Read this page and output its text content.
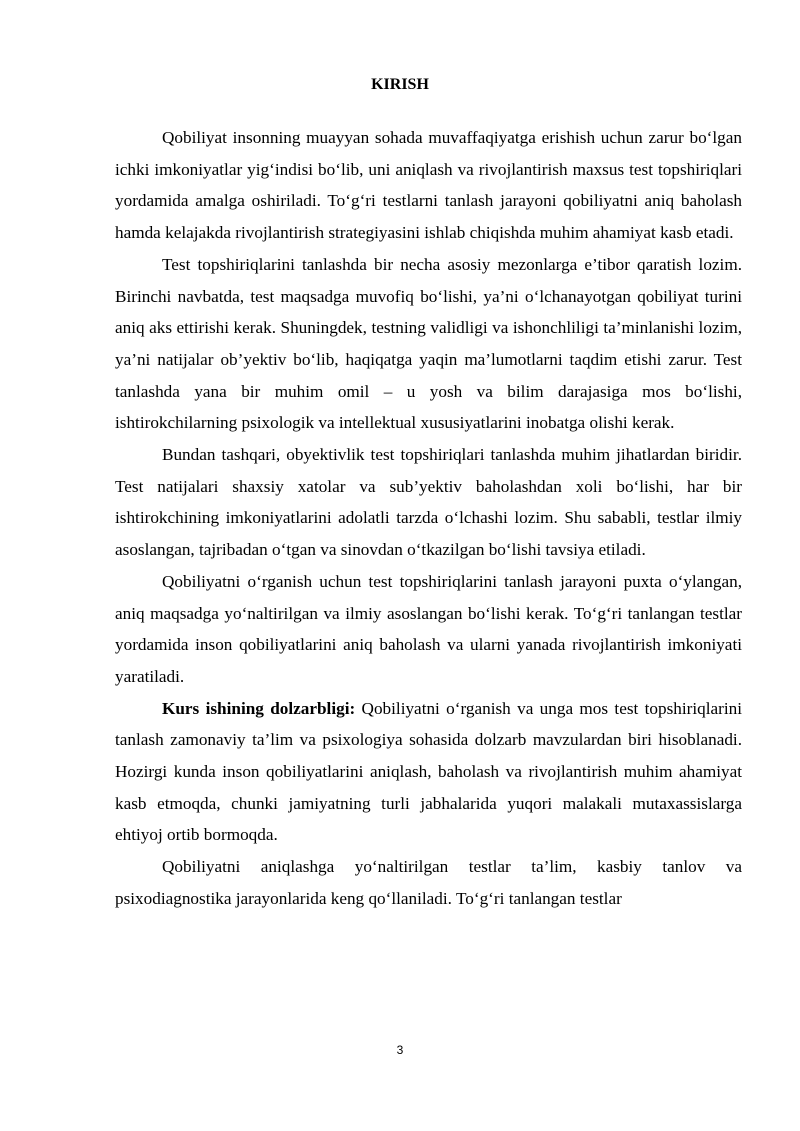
KIRISH

Qobiliyat insonning muayyan sohada muvaffaqiyatga erishish uchun zarur bo‘lgan ichki imkoniyatlar yig‘indisi bo‘lib, uni aniqlash va rivojlantirish maxsus test topshiriqlari yordamida amalga oshiriladi. To‘g‘ri testlarni tanlash jarayoni qobiliyatni aniq baholash hamda kelajakda rivojlantirish strategiyasini ishlab chiqishda muhim ahamiyat kasb etadi.

Test topshiriqlarini tanlashda bir necha asosiy mezonlarga e’tibor qaratish lozim. Birinchi navbatda, test maqsadga muvofiq bo‘lishi, ya’ni o‘lchanayotgan qobiliyat turini aniq aks ettirishi kerak. Shuningdek, testning validligi va ishonchliligi ta’minlanishi lozim, ya’ni natijalar ob’yektiv bo‘lib, haqiqatga yaqin ma’lumotlarni taqdim etishi zarur. Test tanlashda yana bir muhim omil – u yosh va bilim darajasiga mos bo‘lishi, ishtirokchilarning psixologik va intellektual xususiyatlarini inobatga olishi kerak.

Bundan tashqari, obyektivlik test topshiriqlari tanlashda muhim jihatlardan biridir. Test natijalari shaxsiy xatolar va sub’yektiv baholashdan xoli bo‘lishi, har bir ishtirokchining imkoniyatlarini adolatli tarzda o‘lchashi lozim. Shu sababli, testlar ilmiy asoslangan, tajribadan o‘tgan va sinovdan o‘tkazilgan bo‘lishi tavsiya etiladi.

Qobiliyatni o‘rganish uchun test topshiriqlarini tanlash jarayoni puxta o‘ylangan, aniq maqsadga yo‘naltirilgan va ilmiy asoslangan bo‘lishi kerak. To‘g‘ri tanlangan testlar yordamida inson qobiliyatlarini aniq baholash va ularni yanada rivojlantirish imkoniyati yaratiladi.

Kurs ishining dolzarbligi: Qobiliyatni o‘rganish va unga mos test topshiriqlarini tanlash zamonaviy ta’lim va psixologiya sohasida dolzarb mavzulardan biri hisoblanadi. Hozirgi kunda inson qobiliyatlarini aniqlash, baholash va rivojlantirish muhim ahamiyat kasb etmoqda, chunki jamiyatning turli jabhalarida yuqori malakali mutaxassislarga ehtiyoj ortib bormoqda.

Qobiliyatni aniqlashga yo‘naltirilgan testlar ta’lim, kasbiy tanlov va psixodiagnostika jarayonlarida keng qo‘llaniladi. To‘g‘ri tanlangan testlar

3
